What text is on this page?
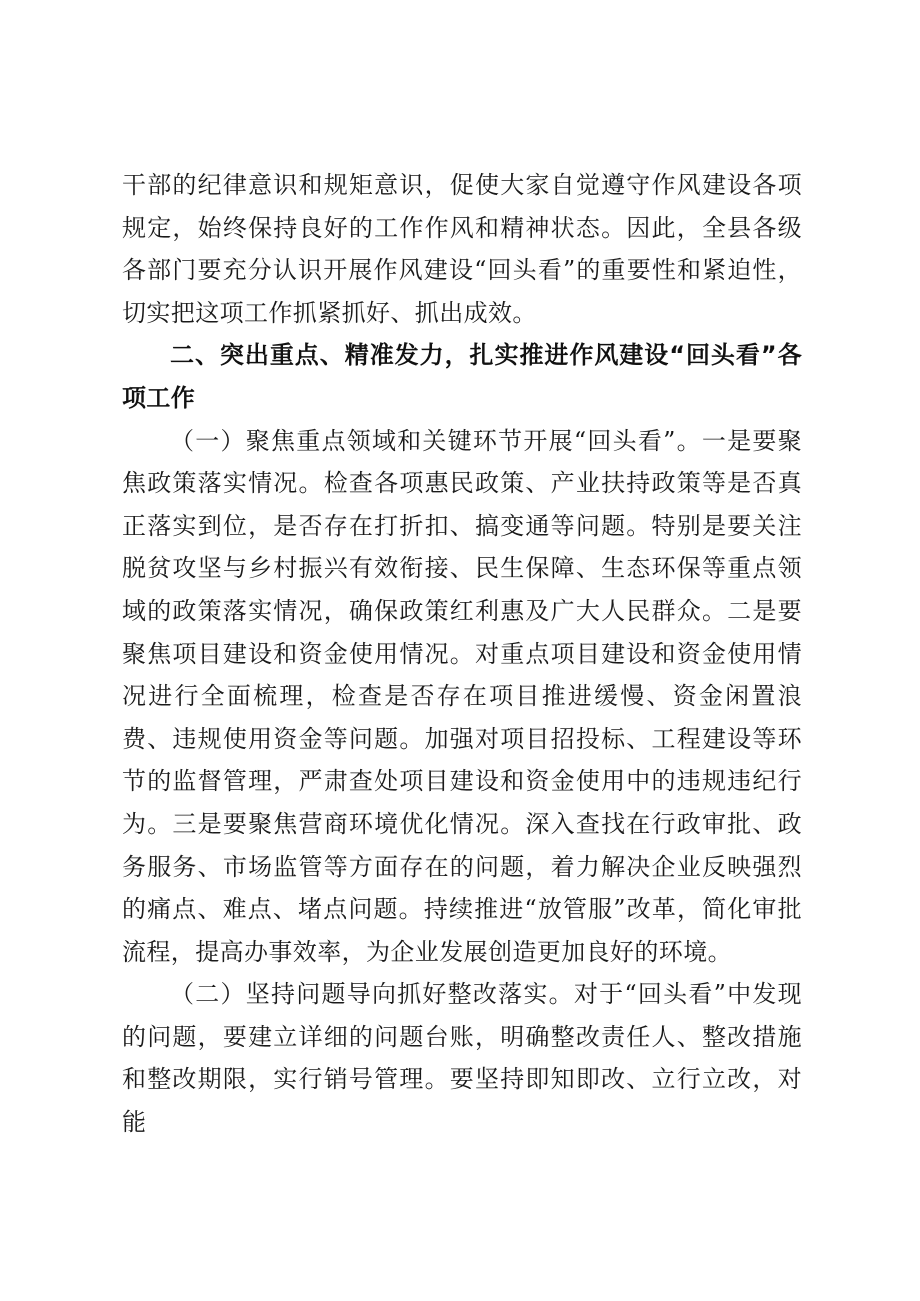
干部的纪律意识和规矩意识，促使大家自觉遵守作风建设各项规定，始终保持良好的工作作风和精神状态。因此，全县各级各部门要充分认识开展作风建设“回头看”的重要性和紧迫性，切实把这项工作抓紧抓好、抓出成效。

二、突出重点、精准发力，扎实推进作风建设“回头看”各项工作

（一）聚焦重点领域和关键环节开展“回头看”。一是要聚焦政策落实情况。检查各项惠民政策、产业扶持政策等是否真正落实到位，是否存在打折扣、搞变通等问题。特别是要关注脱贫攻坚与乡村振兴有效衔接、民生保障、生态环保等重点领域的政策落实情况，确保政策红利惠及广大人民群众。二是要聚焦项目建设和资金使用情况。对重点项目建设和资金使用情况进行全面梳理，检查是否存在项目推进缓慢、资金闲置浪费、违规使用资金等问题。加强对项目招投标、工程建设等环节的监督管理，严肃查处项目建设和资金使用中的违规违纪行为。三是要聚焦营商环境优化情况。深入查找在行政审批、政务服务、市场监管等方面存在的问题，着力解决企业反映强烈的痛点、难点、堵点问题。持续推进“放管服”改革，简化审批流程，提高办事效率，为企业发展创造更加良好的环境。

（二）坚持问题导向抓好整改落实。对于“回头看”中发现的问题，要建立详细的问题台账，明确整改责任人、整改措施和整改期限，实行销号管理。要坚持即知即改、立行立改，对能
